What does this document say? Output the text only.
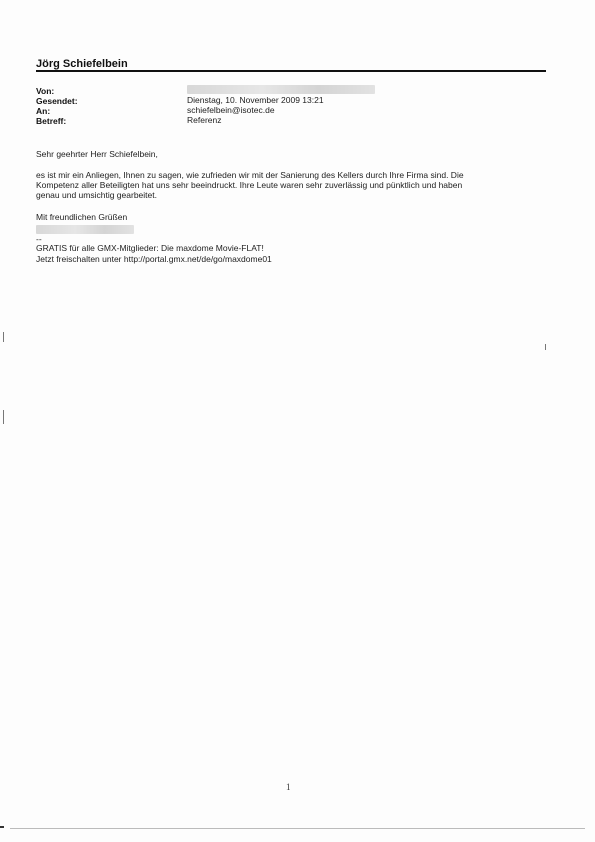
Jörg Schiefelbein
Von:
Gesendet:	Dienstag, 10. November 2009 13:21
An:	schiefelbein@isotec.de
Betreff:	Referenz
Sehr geehrter Herr Schiefelbein,
es ist mir ein Anliegen, Ihnen zu sagen, wie zufrieden wir mit der Sanierung des Kellers durch Ihre Firma sind. Die
Kompetenz aller Beteiligten hat uns sehr beeindruckt. Ihre Leute waren sehr zuverlässig und pünktlich und haben
genau und umsichtig gearbeitet.
Mit freundlichen Grüßen
--
GRATIS für alle GMX-Mitglieder: Die maxdome Movie-FLAT!
Jetzt freischalten unter http://portal.gmx.net/de/go/maxdome01
1
